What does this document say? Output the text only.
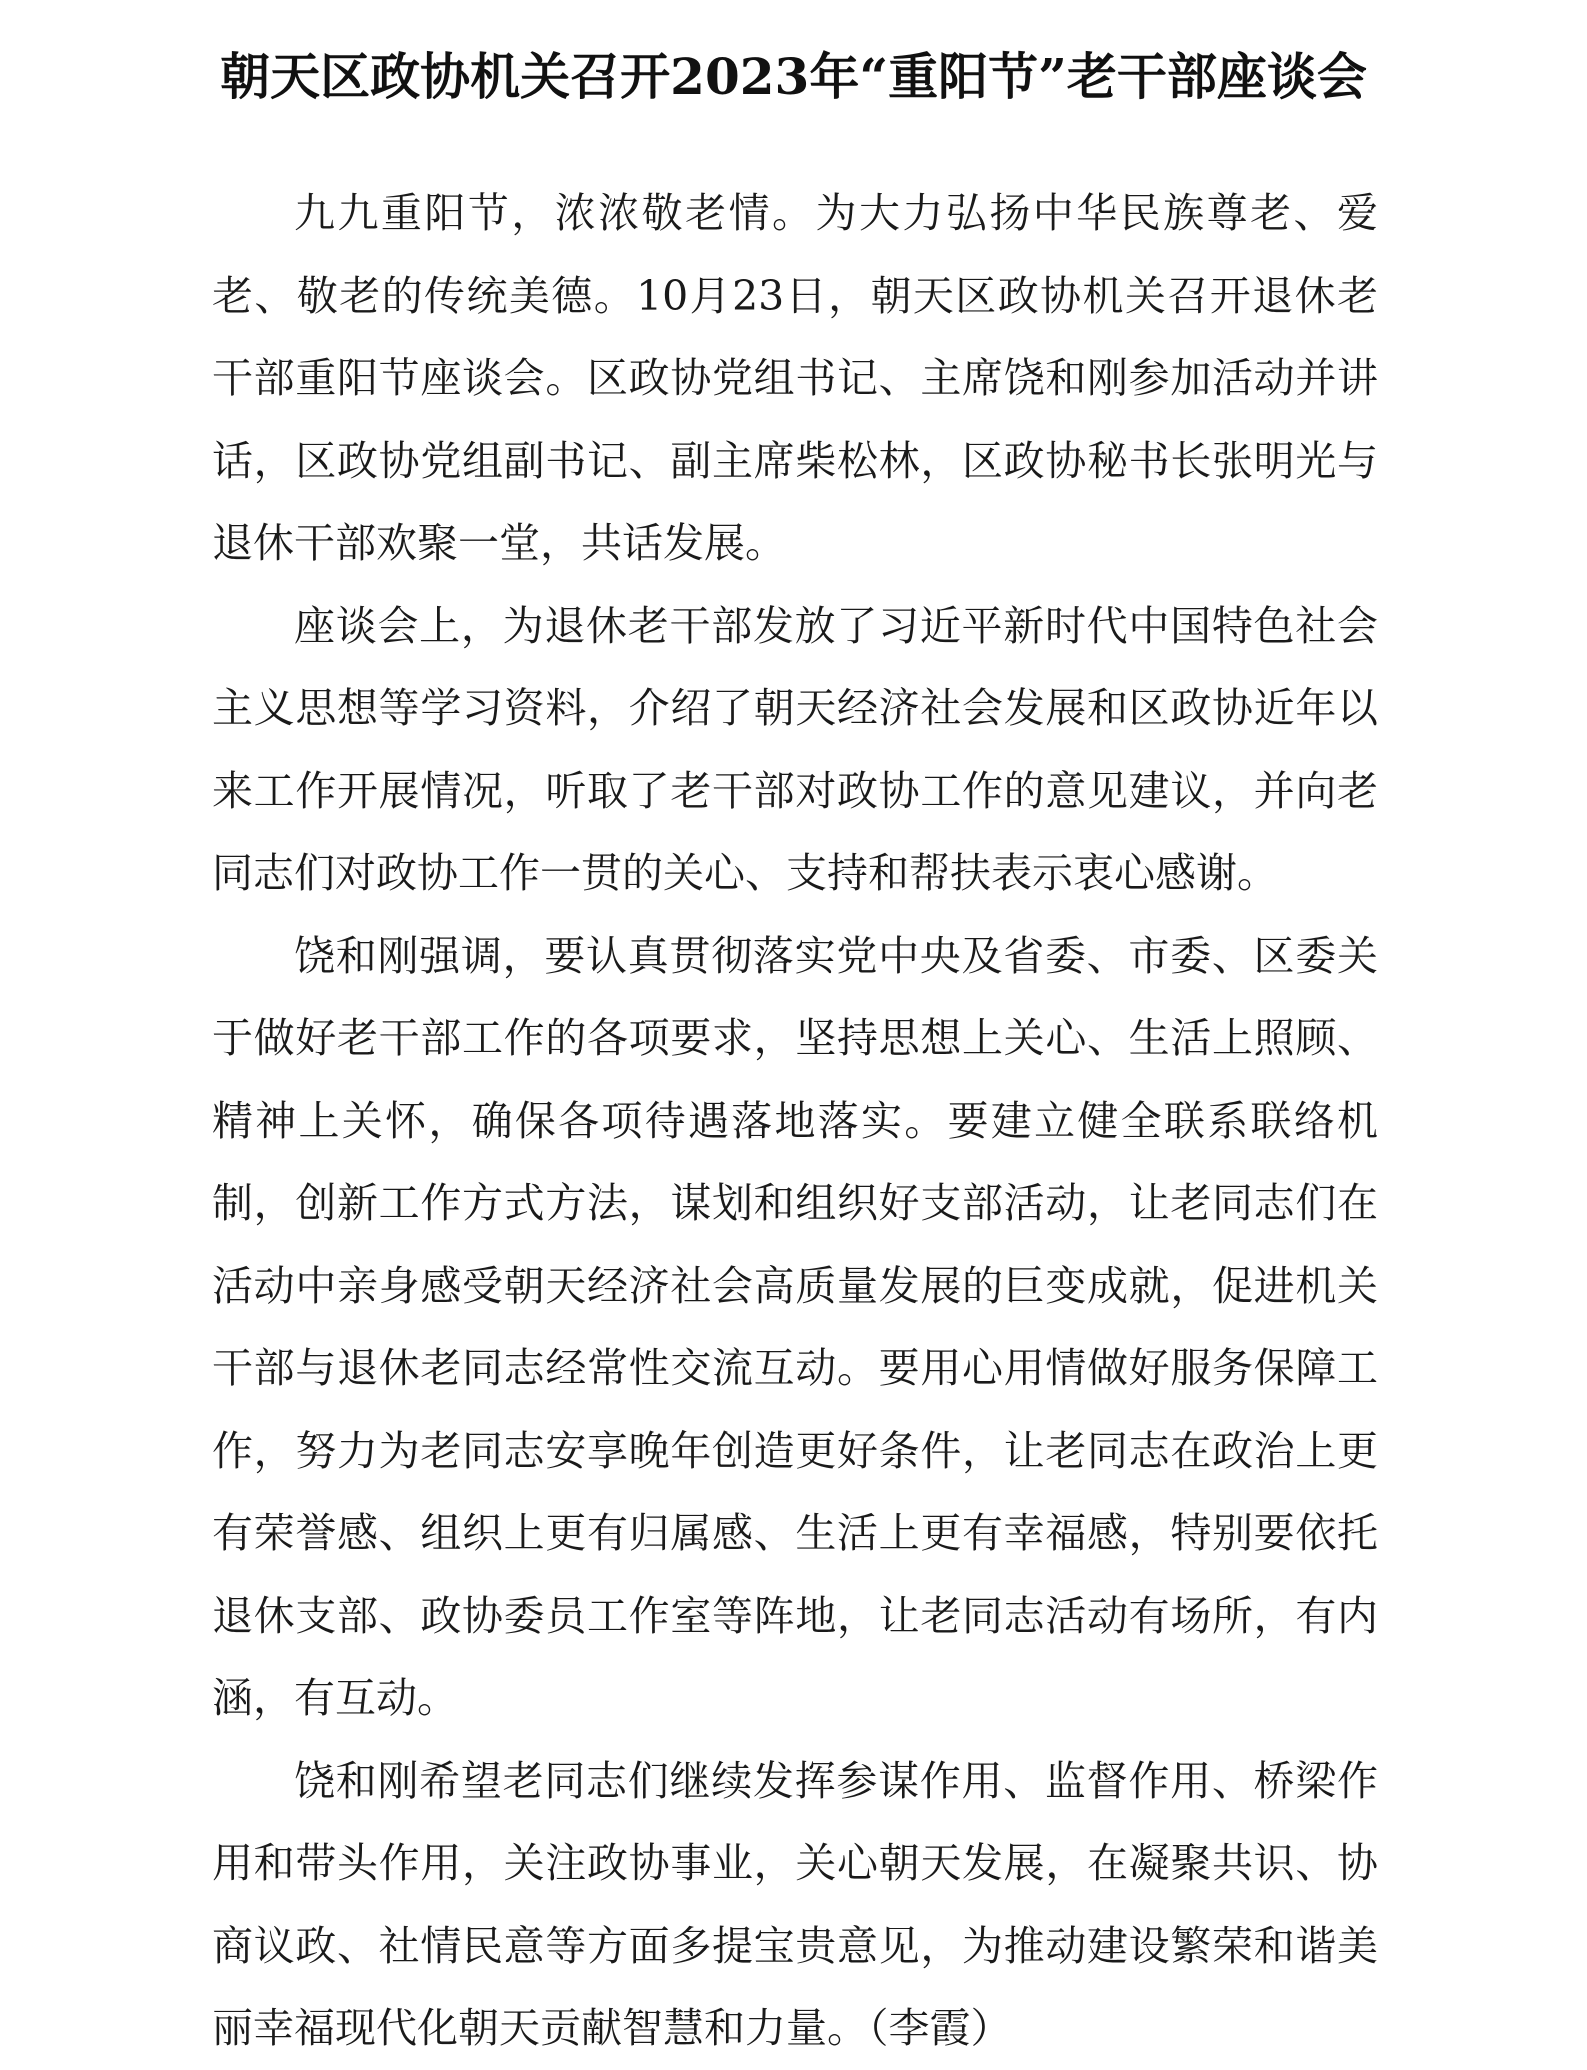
朝天区政协机关召开2023年“重阳节”老干部座谈会

九九重阳节，浓浓敬老情。为大力弘扬中华民族尊老、爱老、敬老的传统美德。10月23日，朝天区政协机关召开退休老干部重阳节座谈会。区政协党组书记、主席饶和刚参加活动并讲话，区政协党组副书记、副主席柴松林，区政协秘书长张明光与退休干部欢聚一堂，共话发展。

座谈会上，为退休老干部发放了习近平新时代中国特色社会主义思想等学习资料，介绍了朝天经济社会发展和区政协近年以来工作开展情况，听取了老干部对政协工作的意见建议，并向老同志们对政协工作一贯的关心、支持和帮扶表示衷心感谢。

饶和刚强调，要认真贯彻落实党中央及省委、市委、区委关于做好老干部工作的各项要求，坚持思想上关心、生活上照顾、精神上关怀，确保各项待遇落地落实。要建立健全联系联络机制，创新工作方式方法，谋划和组织好支部活动，让老同志们在活动中亲身感受朝天经济社会高质量发展的巨变成就，促进机关干部与退休老同志经常性交流互动。要用心用情做好服务保障工作，努力为老同志安享晚年创造更好条件，让老同志在政治上更有荣誉感、组织上更有归属感、生活上更有幸福感，特别要依托退休支部、政协委员工作室等阵地，让老同志活动有场所，有内涵，有互动。

饶和刚希望老同志们继续发挥参谋作用、监督作用、桥梁作用和带头作用，关注政协事业，关心朝天发展，在凝聚共识、协商议政、社情民意等方面多提宝贵意见，为推动建设繁荣和谐美丽幸福现代化朝天贡献智慧和力量。（李霞）
